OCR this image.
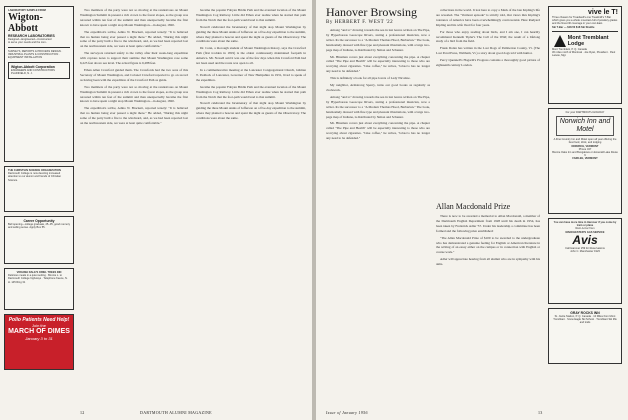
LABORATORY SAMPLE FROM
Wigton-Abbott
RESEARCH LABORATORIES
Designed—Engineered—Constructed
to serve your needs and the com-
SURVEYS, REPORTS & PROCESS DESIGN · INDUSTRIAL PLANTS & CONSTRUCTION · EQUIPMENT INSTALLATION
Wigton-Abbott Corporation
ENGINEERS AND CONSTRUCTORS
PLAINFIELD, N. J.
THE CHRISTIAN SCIENCE ORGANIZATION
Dartmouth College is now devoting increased attention to our alumni and friends of Christian Science.
Career Opportunity
Bell opening—college graduate, 25–35, good memory and selling sense. Apply Box 55.
VIRGINIA DALE'S ORIEL TREES INN
Delicious meals in a quiet setting · Bonnie L. to Dartmouth College highways · Telephone Keene, N. H. 145 Ring 31
Polio Patients Need Help!
Join the
MARCH OF DIMES
January 3 to 31

Two members of the party were not so moving at the rendezvous on Mount Washington Summit in present a rich crown to the forest slopes, as the group was rerouted within ten feet of the summit and then unexpectedly became the first known to have spent a night atop Mount Washington—in August, 1820.

The expedition's scribe, Adino N. Brackett, reported tersely: "It is believed that no human being ever passed a night there." He added, "During this night some of the party built a fire to the windward, and, as we had been reported lost on the northwestern side, we were at least quite comfortable."

The surveyors returned safely to the valley after their week-long expedition with copious notes to support their surmise that Mount Washington rose some 6,225 feet above sea level. The actual figure is 6,288 feet.

Ethan Allen Crawford guided them. The Crawfords had the two sons of this Secretary of Mount Washington, and Colonel Crawford reported to go on record as having been with the expedition of the Crawford Path as guide.

Two members of the party were not so moving at the rendezvous on Mount Washington Summit in present a rich crown to the forest slopes, as the group was rerouted within ten feet of the summit and then unexpectedly became the first known to have spent a night atop Mount Washington—in August, 1820.

The expedition's scribe, Adino N. Brackett, reported tersely: "It is believed that no human being ever passed a night there." He added, "During this night some of the party built a fire to the windward, and, as we had been reported lost on the northwestern side, we were at least quite comfortable."

became the popular Fabyan Bridle Path and the eventual location of the Mount Washington Cog Railway. Little did Ethan ever realize when he started that path from the Notch that the foot-path would lead to that summit.

Nowell celebrated the bicentenary of that night atop Mount Washington by guiding the three Mount Annis of Jefferson on a five-day expedition to the summit, where they planted a beacon and spent the night as guests of the Observatory. The conditions were about the same.

Dr. Conn, a thorough student of Mount Washington history, says the Crawford Path (first trodden in 1819) is the oldest continuously maintained footpath in America. Mr. Nowell said it was one of the few days when this Crawford Path had not been used and the route was open to all.

In a commemorative meeting at the Lancaster Congregational Church, Gilman T. Paddock of Lancaster, Governor of New Hampshire in 1931, lived to speak of the expedition.

became the popular Fabyan Bridle Path and the eventual location of the Mount Washington Cog Railway. Little did Ethan ever realize when he started that path from the Notch that the foot-path would lead to that summit.

Nowell celebrated the bicentenary of that night atop Mount Washington by guiding the three Mount Annis of Jefferson on a five-day expedition to the summit, where they planted a beacon and spent the night as guests of the Observatory. The conditions were about the same.

12	DARTMOUTH ALUMNI MAGAZINE
Hanover Browsing
By HERBERT F. WEST '22

Among "and to" drawing towards the sea in last leaves written on The Pipe, by Hyperboreas Geoscope Rivers, stating a professional musician, now a writer. Its the successor to a "A Modern Thomas Hood, Barbarian." The book, handsomely dressed with fine type and pleasant illustrations, with a large two-page map of Indiana, is distributed by Simon and Schuster.

Mr. Hinsman covers just about everything concerning the pipe. A chapter called "The Pipe and Health" will be especially interesting to those who are worrying about cigarettes. "Like coffee," he writes, "tobacco has no longer any need to be defended."

This is definitely a book for all pipe lovers of Lady Nicotine.

My neighbor, Armstrong Sperry, turns out good books as regularly as clockwork.

Among "and to" drawing towards the sea in last leaves written on The Pipe, by Hyperboreas Geoscope Rivers, stating a professional musician, now a writer. Its the successor to a "A Modern Thomas Hood, Barbarian." The book, handsomely dressed with fine type and pleasant illustrations, with a large two-page map of Indiana, is distributed by Simon and Schuster.

Mr. Hinsman covers just about everything concerning the pipe. A chapter called "The Pipe and Health" will be especially interesting to those who are worrying about cigarettes. "Like coffee," he writes, "tobacco has no longer any need to be defended."

collections in the world. It lost here to copy a Mark of the late Kipling's life are revealed. The "Vermont episode" is strictly told, Our views thru Kipling's tolerance of America have been overwhelmingly controversial. Here Rudyard Kipling and his wife lived for four years.

For those who enjoy reading about birds, and I am one, I can heartily recommend Kenneth Tipler's The Call of the Wild; the result of a lifelong study of a bird from the field.

Frank Dolan has written in the Lost Dogs of Pemberton County, Vt. (The Lost Pond Press, Waltham, Vt.) a story about good dogs told with humor.

Percy Quennell's Hogarth's Progress contains a thoroughly good picture of eighteenth century London.

Allan Macdonald Prize

There is now to be awarded a memorial to Allan Macdonald, a member of the Dartmouth English Department from 1928 until his death in 1954, has been taken by Frederick Adler '57. Under his leadership a committee has been formed and the following prize established:

"The Allan Macdonald Prize of $100 to be awarded to the undergraduate who has demonstrated a genuine feeling for English or American literature in the writing of an essay either on the campus or in connection with English or course work."

Adler will appreciate hearing from all alumni who are in sympathy with his aims.

vive le T!
Three chasers for Treadwell's one Treadmill's T-Bar which gives you a whole mountain-full of powdery glades and the finest lift coverage in your own East.
Ski T-Bar — $18.50 $18 Ski Shuttle
Mont Tremblant Lodge
Mont Tremblant, P. Q. Canada
30 miles north of Montreal · Joe Ryan, President · Paul Lanoie, Mgr.
For your DARTMOUTH HOLIDAY
Norwich Inn and Motel
A Fine Country Inn and Motel open all year offering the best food, drink, and lodging
NORWICH, VERMONT
Phone 437
Bonnie Oaks Inn and Bungalows on Emerald Lake Route 9
FAIRLEE, VERMONT
You can have more time in Hanover if you come by train or plane
Rent-A-Car from
MANCHESTER'S GAS SERVICE
Avis
Call Hanover 259 for Reservations
John C. Manchester 1923
GRAY ROCKS INN
St. Jovite Station, P. Q. Canada · 10 Miles from Mont Tremblant · Snow Eagle Ski School · Tremblant Ski lifts and trails
Issue of January 1956	13
